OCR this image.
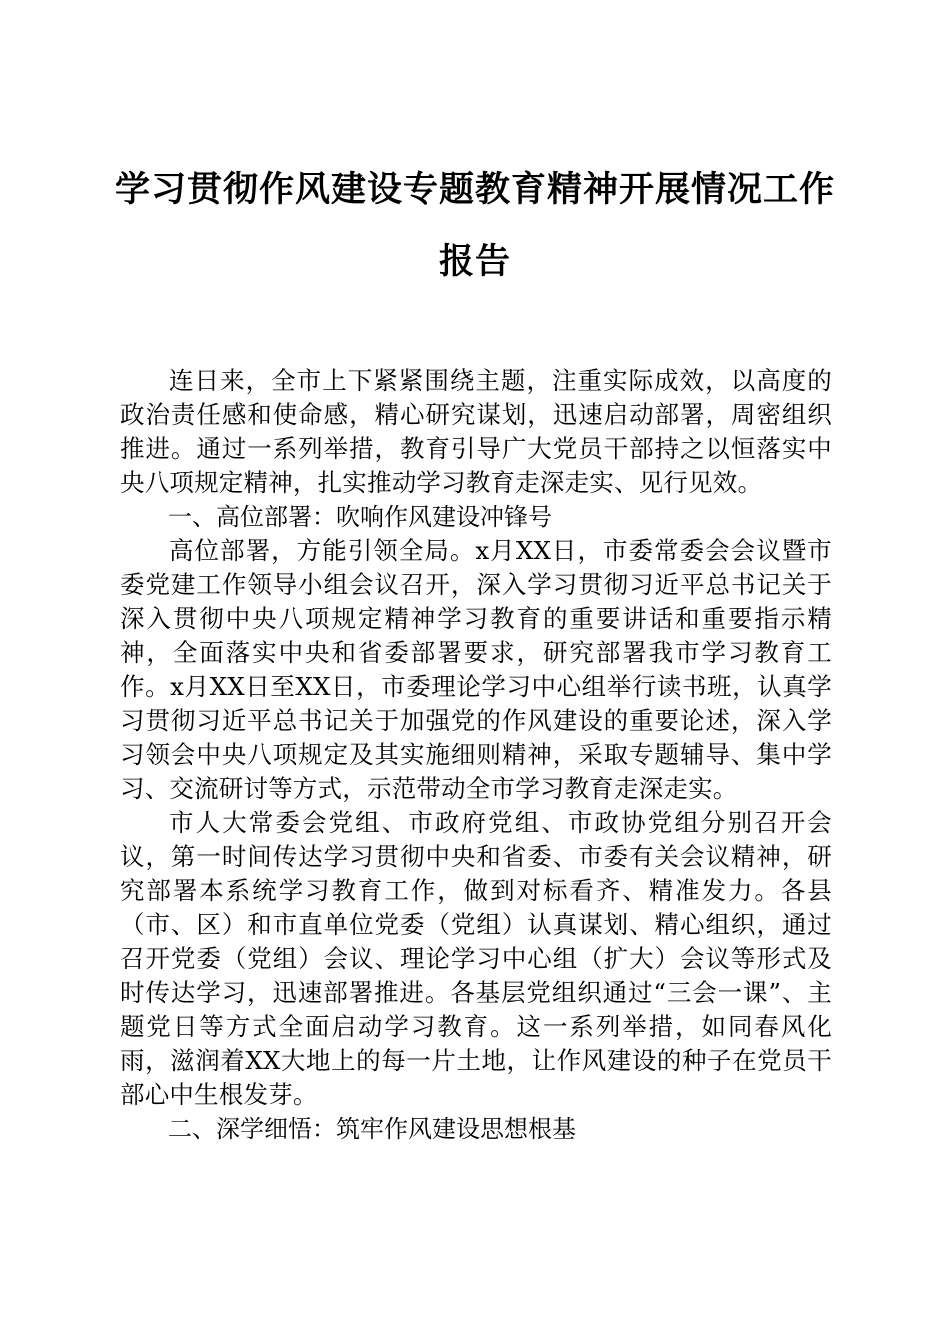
学习贯彻作风建设专题教育精神开展情况工作
报告

连日来，全市上下紧紧围绕主题，注重实际成效，以高度的政治责任感和使命感，精心研究谋划，迅速启动部署，周密组织推进。通过一系列举措，教育引导广大党员干部持之以恒落实中央八项规定精神，扎实推动学习教育走深走实、见行见效。

一、高位部署：吹响作风建设冲锋号

高位部署，方能引领全局。x月XX日，市委常委会会议暨市委党建工作领导小组会议召开，深入学习贯彻习近平总书记关于深入贯彻中央八项规定精神学习教育的重要讲话和重要指示精神，全面落实中央和省委部署要求，研究部署我市学习教育工作。x月XX日至XX日，市委理论学习中心组举行读书班，认真学习贯彻习近平总书记关于加强党的作风建设的重要论述，深入学习领会中央八项规定及其实施细则精神，采取专题辅导、集中学习、交流研讨等方式，示范带动全市学习教育走深走实。

市人大常委会党组、市政府党组、市政协党组分别召开会议，第一时间传达学习贯彻中央和省委、市委有关会议精神，研究部署本系统学习教育工作，做到对标看齐、精准发力。各县（市、区）和市直单位党委（党组）认真谋划、精心组织，通过召开党委（党组）会议、理论学习中心组（扩大）会议等形式及时传达学习，迅速部署推进。各基层党组织通过“三会一课”、主题党日等方式全面启动学习教育。这一系列举措，如同春风化雨，滋润着XX大地上的每一片土地，让作风建设的种子在党员干部心中生根发芽。

二、深学细悟：筑牢作风建设思想根基
